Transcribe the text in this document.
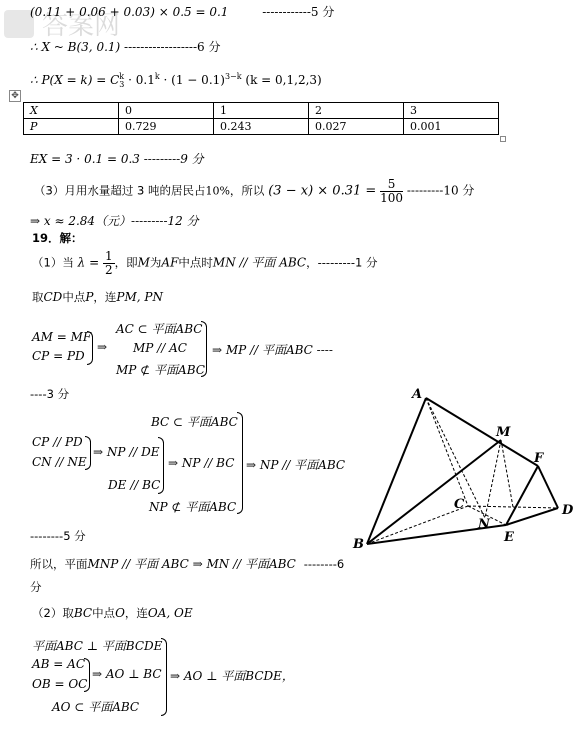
答案网
(0.11 + 0.06 + 0.03) × 0.5 = 0.1	------------5 分
∴ X ~ B(3, 0.1) ------------------6 分
∴ P(X = k) = C k
$3 \cdot 0.1^k \cdot (1 - 0.1)^{3-k}$ (k = 0,1,2,3)
✥
X	0	1	2	3
P	0.729	0.243	0.027	0.001
EX = 3 · 0.1 = 0.3 ---------9 分
（3）月用水量超过 3 吨的居民占10%，所以 $(3 - x) \times 0.31 = \frac{5}{100} ---------10$ 分
⇒ x ≈ 2.84（元）---------12 分
19．解：
（1）当 $\lambda = \frac{1}{2}$ ，即M为AF中点时MN // 平面 ABC，---------1 分
取CD中点P，连PM, PN
AM = MF
CP = PD
⇒
AC ⊂ 平面ABC
MP // AC
MP ⊄ 平面ABC
⇒ MP // 平面ABC ----
----3 分
BC ⊂ 平面ABC
CP // PD
CN // NE
⇒ NP // DE
DE // BC
⇒ NP // BC
NP ⊄ 平面ABC
⇒ NP // 平面ABC
--------5 分
所以，平面MNP // 平面 ABC ⇒ MN // 平面ABC --------6
分
（2）取BC中点O，连OA, OE
平面ABC ⊥ 平面BCDE
AB = AC
OB = OC
⇒ AO ⊥ BC
AO ⊂ 平面ABC
⇒ AO ⊥ 平面BCDE，
A
M
F
C
N
D
B	E
